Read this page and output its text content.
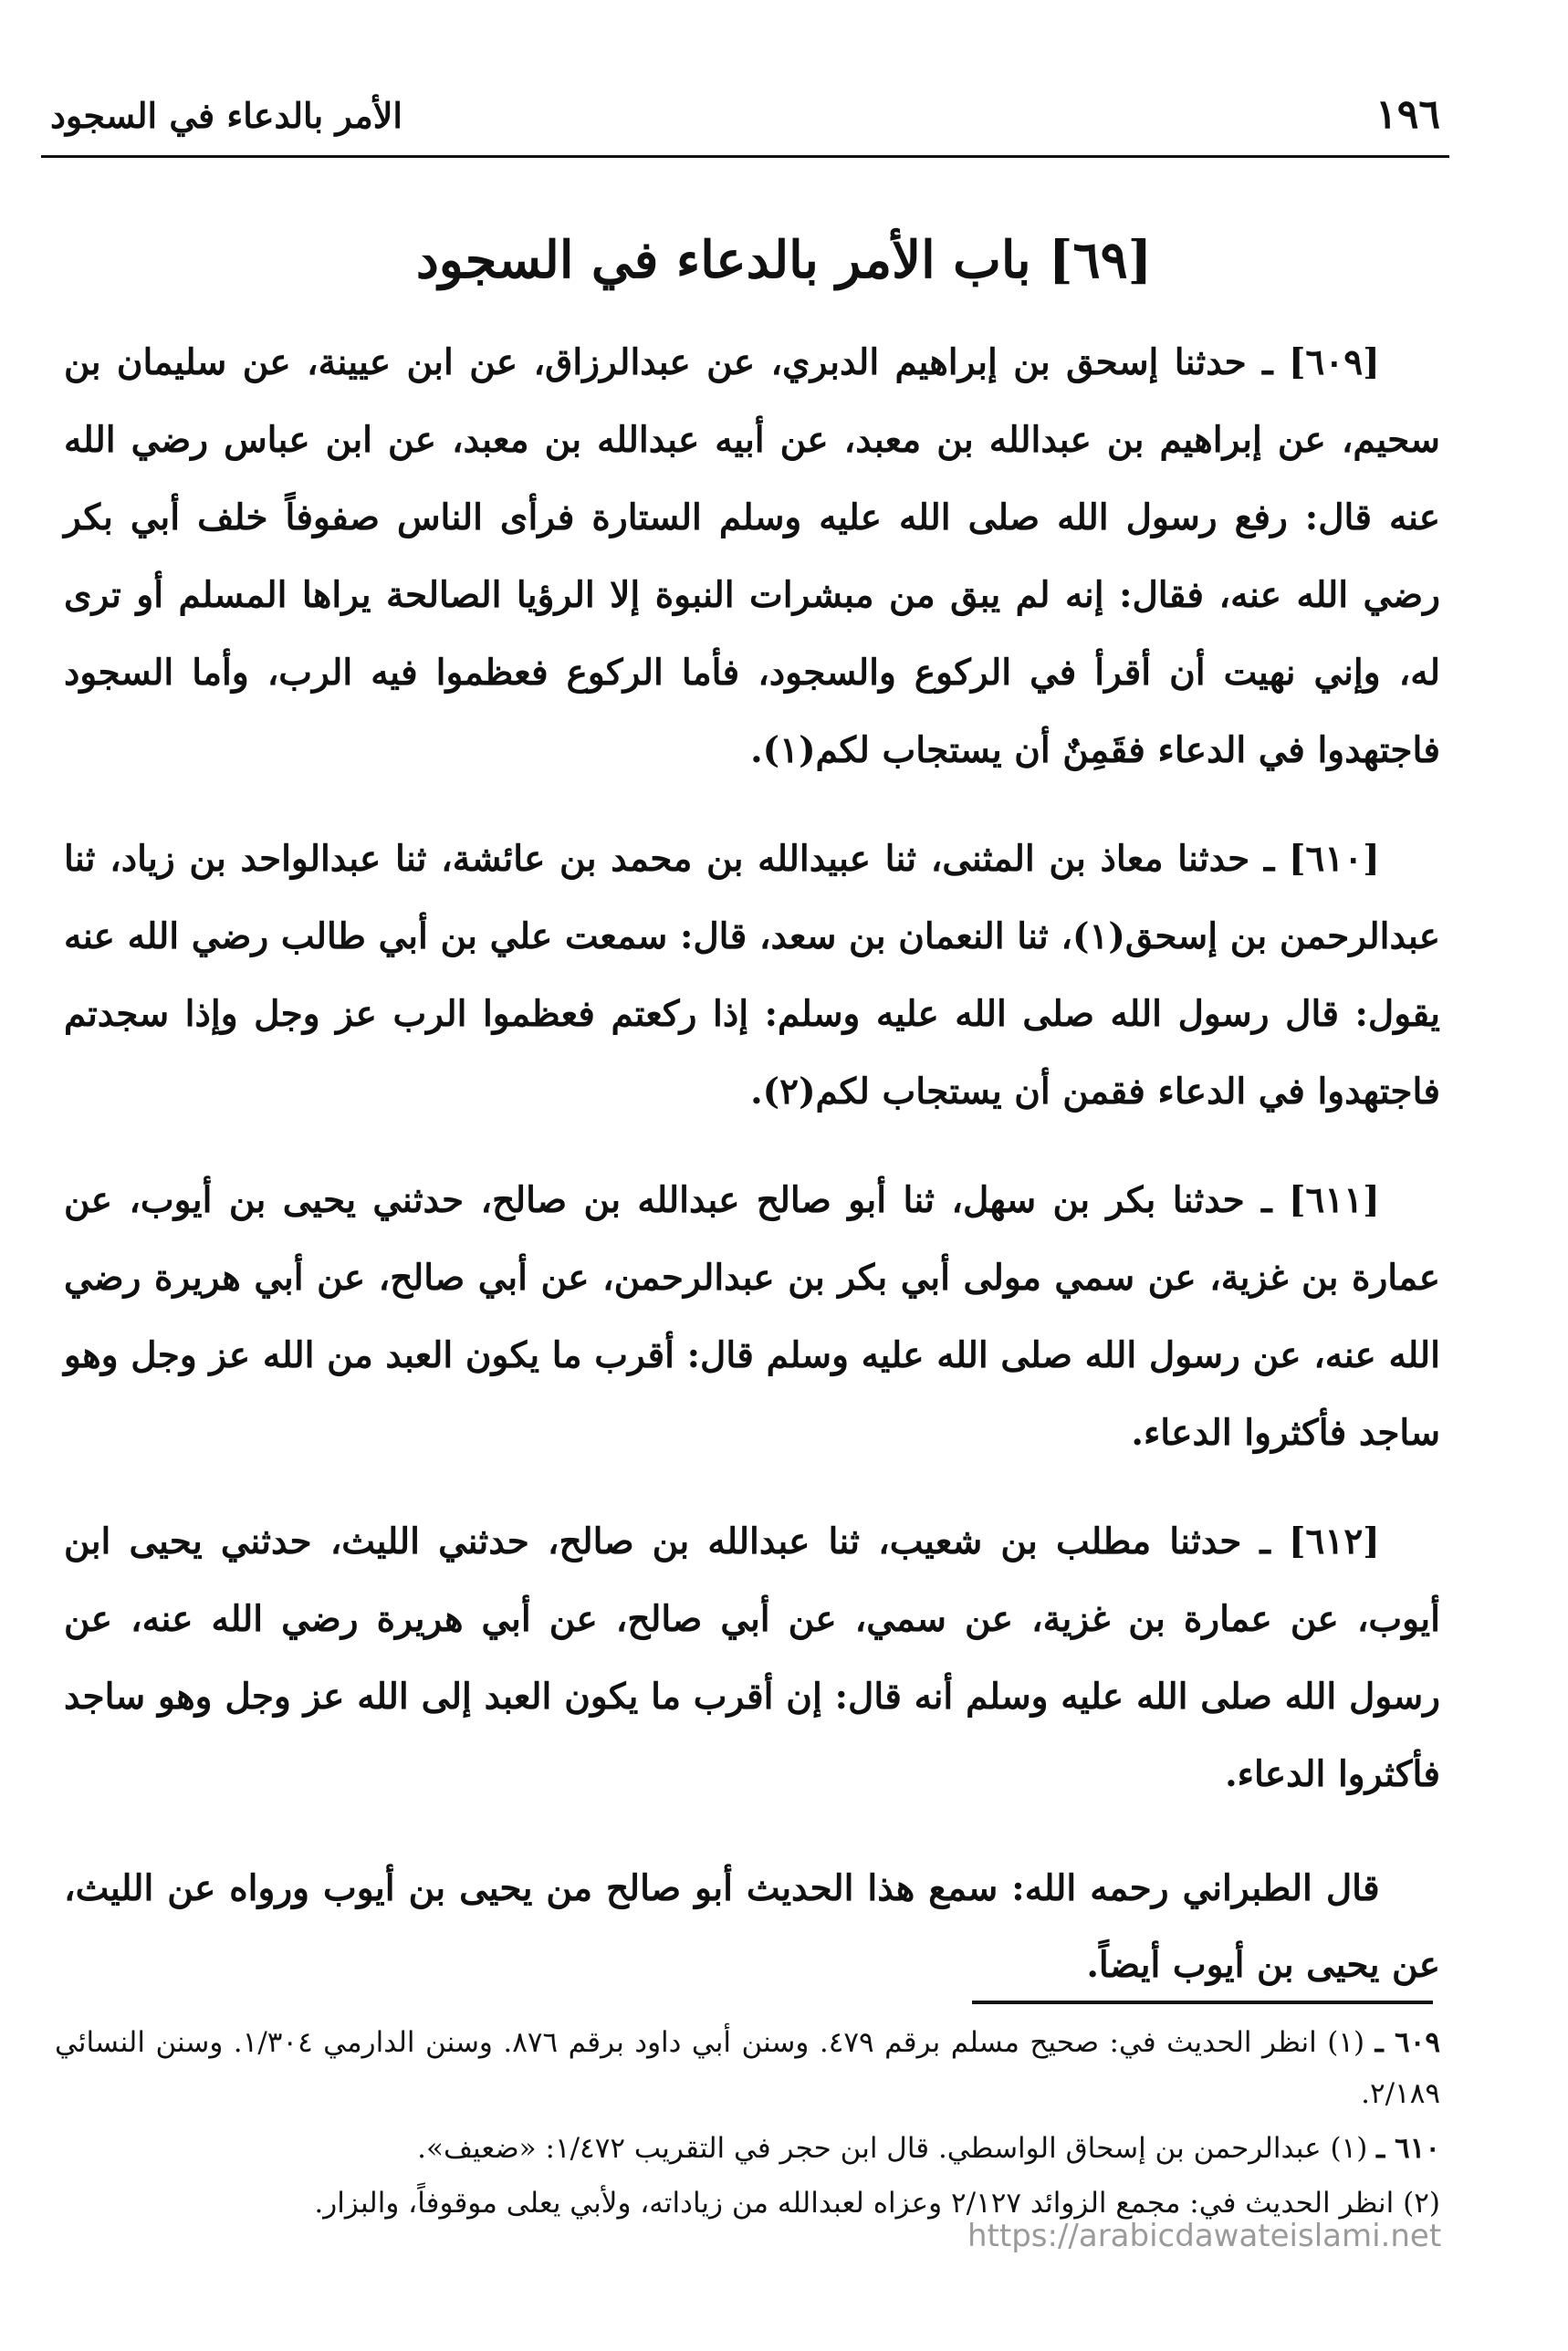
١٩٦
الأمر بالدعاء في السجود
[٦٩] باب الأمر بالدعاء في السجود

[٦٠٩] ـ حدثنا إسحق بن إبراهيم الدبري، عن عبدالرزاق، عن ابن عيينة، عن سليمان بن سحيم، عن إبراهيم بن عبدالله بن معبد، عن أبيه عبدالله بن معبد، عن ابن عباس رضي الله عنه قال: رفع رسول الله صلى الله عليه وسلم الستارة فرأى الناس صفوفاً خلف أبي بكر رضي الله عنه، فقال: إنه لم يبق من مبشرات النبوة إلا الرؤيا الصالحة يراها المسلم أو ترى له، وإني نهيت أن أقرأ في الركوع والسجود، فأما الركوع فعظموا فيه الرب، وأما السجود فاجتهدوا في الدعاء فقَمِنٌ أن يستجاب لكم(١).

[٦١٠] ـ حدثنا معاذ بن المثنى، ثنا عبيدالله بن محمد بن عائشة، ثنا عبدالواحد بن زياد، ثنا عبدالرحمن بن إسحق(١)، ثنا النعمان بن سعد، قال: سمعت علي بن أبي طالب رضي الله عنه يقول: قال رسول الله صلى الله عليه وسلم: إذا ركعتم فعظموا الرب عز وجل وإذا سجدتم فاجتهدوا في الدعاء فقمن أن يستجاب لكم(٢).

[٦١١] ـ حدثنا بكر بن سهل، ثنا أبو صالح عبدالله بن صالح، حدثني يحيى بن أيوب، عن عمارة بن غزية، عن سمي مولى أبي بكر بن عبدالرحمن، عن أبي صالح، عن أبي هريرة رضي الله عنه، عن رسول الله صلى الله عليه وسلم قال: أقرب ما يكون العبد من الله عز وجل وهو ساجد فأكثروا الدعاء.

[٦١٢] ـ حدثنا مطلب بن شعيب، ثنا عبدالله بن صالح، حدثني الليث، حدثني يحيى ابن أيوب، عن عمارة بن غزية، عن سمي، عن أبي صالح، عن أبي هريرة رضي الله عنه، عن رسول الله صلى الله عليه وسلم أنه قال: إن أقرب ما يكون العبد إلى الله عز وجل وهو ساجد فأكثروا الدعاء.

قال الطبراني رحمه الله: سمع هذا الحديث أبو صالح من يحيى بن أيوب ورواه عن الليث، عن يحيى بن أيوب أيضاً.

٦٠٩ ـ (١) انظر الحديث في: صحيح مسلم برقم ٤٧٩. وسنن أبي داود برقم ٨٧٦. وسنن الدارمي ١/٣٠٤. وسنن النسائي ٢/١٨٩.

٦١٠ ـ (١) عبدالرحمن بن إسحاق الواسطي. قال ابن حجر في التقريب ١/٤٧٢: «ضعيف».

(٢) انظر الحديث في: مجمع الزوائد ٢/١٢٧ وعزاه لعبدالله من زياداته، ولأبي يعلى موقوفاً، والبزار.

https://arabicdawateislami.net
